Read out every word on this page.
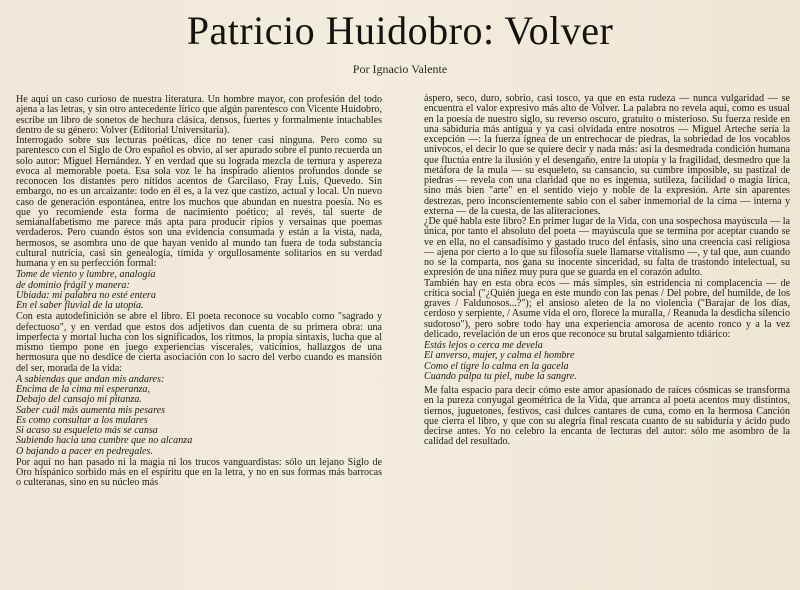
Patricio Huidobro: Volver
Por Ignacio Valente

He aquí un caso curioso de nuestra literatura. Un hombre mayor, con profesión del todo ajena a las letras, y sin otro antecedente lírico que algún parentesco con Vicente Huidobro, escribe un libro de sonetos de hechura clásica, densos, fuertes y formalmente intachables dentro de su género: Volver (Editorial Universitaria).

Interrogado sobre sus lecturas poéticas, dice no tener casi ninguna. Pero como su parentesco con el Siglo de Oro español es obvio, al ser apurado sobre el punto recuerda un solo autor: Miguel Hernández. Y en verdad que su lograda mezcla de ternura y aspereza evoca al memorable poeta. Esa sola voz le ha inspirado alientos profundos donde se reconocen los distantes pero nítidos acentos de Garcilaso, Fray Luis, Quevedo. Sin embargo, no es un arcaizante: todo en él es, a la vez que castizo, actual y local. Un nuevo caso de generación espontánea, entre los muchos que abundan en nuestra poesía. No es que yo recomiende esta forma de nacimiento poético; al revés, tal suerte de semianalfabetismo me parece más apta para producir ripios y versainas que poemas verdaderos. Pero cuando éstos son una evidencia consumada y están a la vista, nada, hermosos, se asombra uno de que hayan venido al mundo tan fuera de toda substancia cultural nutricia, casi sin genealogía, tímida y orgullosamente solitarios en su verdad humana y en su perfección formal:

Tome de viento y lumbre, analogía

de dominio frágil y manera:

Ubiada: mi palabra no esté entera

En el saber fluvial de la utopía.

Con esta autodefinición se abre el libro. El poeta reconoce su vocablo como "sagrado y defectuoso", y en verdad que estos dos adjetivos dan cuenta de su primera obra: una imperfecta y mortal lucha con los significados, los ritmos, la propia sintaxis, lucha que al mismo tiempo pone en juego experiencias viscerales, vaticinios, hallazgos de una hermosura que no desdice de cierta asociación con lo sacro del verbo cuando es mansión del ser, morada de la vida:

A sabiendas que andan mis andares:

Encima de la cima mi esperanza,

Debajo del cansajo mi pitanza.

Saber cuál más aumenta mis pesares

Es como consultar a los mulares

Si acaso su esqueleto más se cansa

Subiendo hacia una cumbre que no alcanza

O bajando a pacer en pedregales.

Por aquí no han pasado ni la magia ni los trucos vanguardistas: sólo un lejano Siglo de Oro hispánico sorbido más en el espíritu que en la letra, y no en sus formas más barrocas o culteranas, sino en su núcleo más

áspero, seco, duro, sobrio, casi tosco, ya que en esta rudeza — nunca vulgaridad — se encuentra el valor expresivo más alto de Volver. La palabra no revela aquí, como es usual en la poesía de nuestro siglo, su reverso oscuro, gratuito o misterioso. Su fuerza reside en una sabiduría más antigua y ya casi olvidada entre nosotros — Miguel Arteche sería la excepción —: la fuerza ígnea de un entrechocar de piedras, la sobriedad de los vocablos unívocos, el decir lo que se quiere decir y nada más: así la desmedrada condición humana que fluctúa entre la ilusión y el desengaño, entre la utopía y la fragilidad, desmedro que la metáfora de la mula — su esqueleto, su cansancio, su cumbre imposible, su pastizal de piedras — revela con una claridad que no es ingenua, sutileza, facilidad o magia lírica, sino más bien "arte" en el sentido viejo y noble de la expresión. Arte sin aparentes destrezas, pero inconscientemente sabio con el saber inmemorial de la cima — interna y externa — de la cuesta, de las aliteraciones.

¿De qué habla este libro? En primer lugar de la Vida, con una sospechosa mayúscula — la única, por tanto el absoluto del poeta — mayúscula que se termina por aceptar cuando se ve en ella, no el cansadísimo y gastado truco del énfasis, sino una creencia casi religiosa — ajena por cierto a lo que su filosofía suele llamarse vitalismo —, y tal que, aun cuando no se la comparta, nos gana su inocente sinceridad, su falta de trastondo intelectual, su expresión de una niñez muy pura que se guarda en el corazón adulto.

También hay en esta obra ecos — más simples, sin estridencia ni complacencia — de crítica social ("¿Quién juega en este mundo con las penas / Del pobre, del humilde, de los graves / Faldunosos...?"); el ansioso aleteo de la no violencia ("Barajar de los días, cerdoso y serpiente, / Asume vida el oro, florece la muralla, / Reanuda la desdicha silencio sudoroso"), pero sobre todo hay una experiencia amorosa de acento ronco y a la vez delicado, revelación de un eros que reconoce su brutal salgamiento tdiárico:

Estás lejos o cerca me devela

El anverso, mujer, y calma el hombre

Como el tigre lo calma en la gacela

Cuando palpa tu piel, nube la sangre.

Me falta espacio para decir cómo este amor apasionado de raíces cósmicas se transforma en la pureza conyugal geométrica de la Vida, que arranca al poeta acentos muy distintos, tiernos, juguetones, festivos, casi dulces cantares de cuna, como en la hermosa Canción que cierra el libro, y que con su alegría final rescata cuanto de su sabiduría y ácido pudo decirse antes. Yo no celebro la encanta de lecturas del autor: sólo me asombro de la calidad del resultado.
